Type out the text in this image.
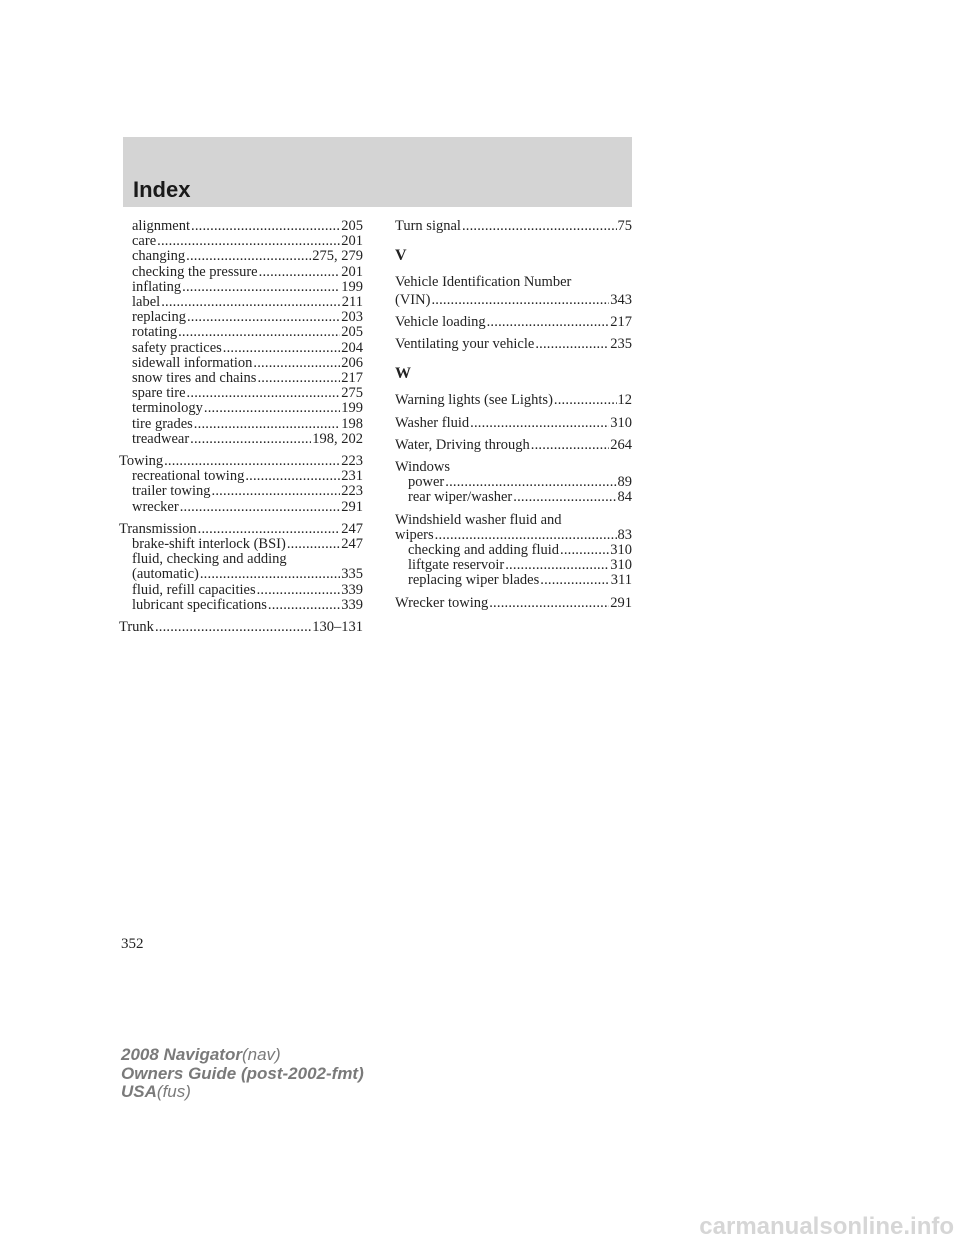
Index
alignment .....	205
care .....	201
changing .....	275, 279
checking the pressure .....	201
inflating .....	199
label .....	211
replacing .....	203
rotating .....	205
safety practices .....	204
sidewall information .....	206
snow tires and chains .....	217
spare tire .....	275
terminology .....	199
tire grades .....	198
treadwear .....	198, 202
Towing .....	223
recreational towing .....	231
trailer towing .....	223
wrecker .....	291
Transmission .....	247
brake-shift interlock (BSI) .....	247
fluid, checking and adding
(automatic) .....	335
fluid, refill capacities .....	339
lubricant specifications .....	339
Trunk .....	130–131
Turn signal .....	75
V
Vehicle Identification Number
(VIN) .....	343
Vehicle loading .....	217
Ventilating your vehicle .....	235
W
Warning lights (see Lights) .....	12
Washer fluid .....	310
Water, Driving through .....	264
Windows
power .....	89
rear wiper/washer .....	84
Windshield washer fluid and
wipers .....	83
checking and adding fluid .....	310
liftgate reservoir .....	310
replacing wiper blades .....	311
Wrecker towing .....	291
352
2008 Navigator(nav)
Owners Guide (post-2002-fmt)
USA(fus)
carmanualsonline.info
